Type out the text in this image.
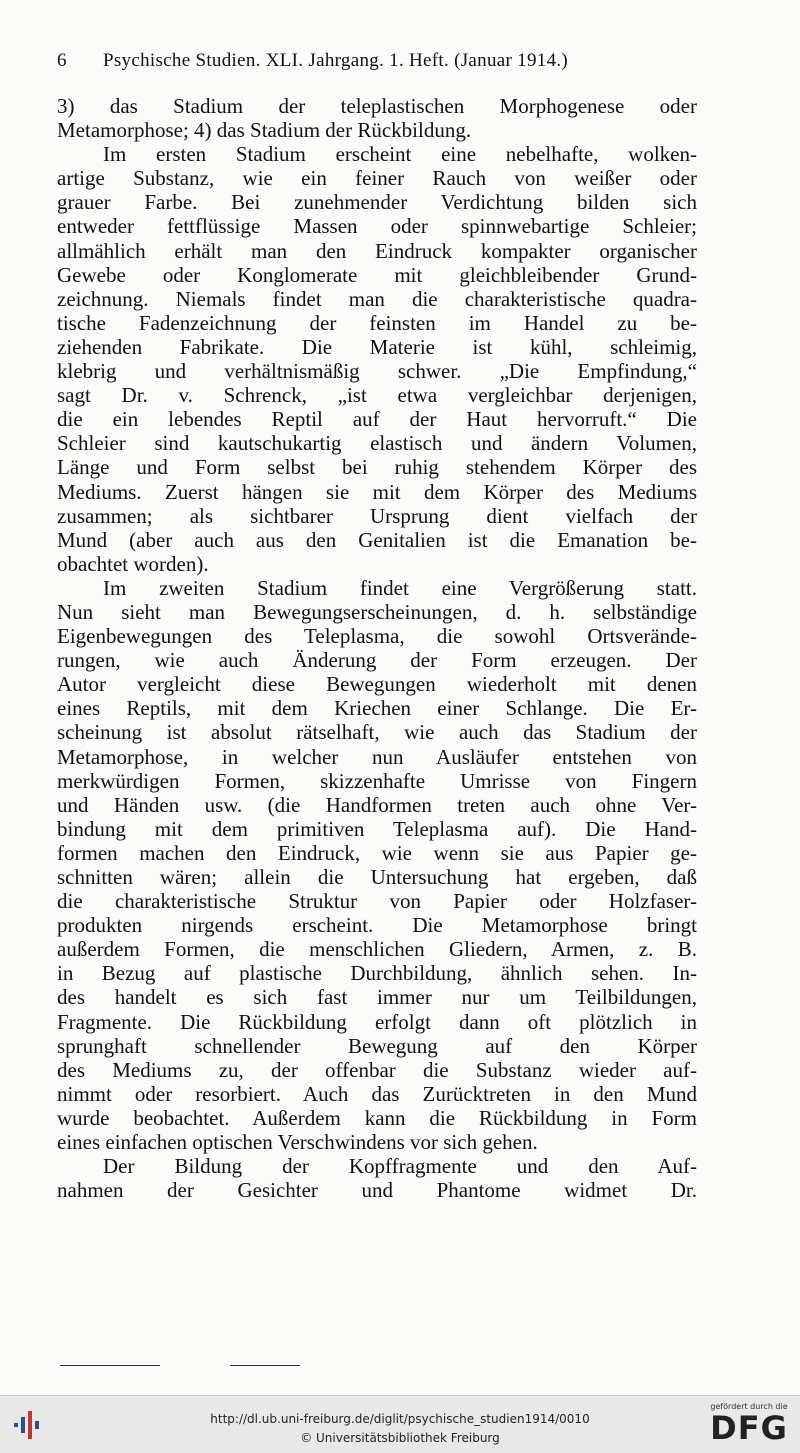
6 Psychische Studien. XLI. Jahrgang. 1. Heft. (Januar 1914.)
3) das Stadium der teleplastischen Morphogenese oder
Metamorphose; 4) das Stadium der Rückbildung.
Im ersten Stadium erscheint eine nebelhafte, wolken-
artige Substanz, wie ein feiner Rauch von weißer oder
grauer Farbe. Bei zunehmender Verdichtung bilden sich
entweder fettflüssige Massen oder spinnwebartige Schleier;
allmählich erhält man den Eindruck kompakter organischer
Gewebe oder Konglomerate mit gleichbleibender Grund-
zeichnung. Niemals findet man die charakteristische quadra-
tische Fadenzeichnung der feinsten im Handel zu be-
ziehenden Fabrikate. Die Materie ist kühl, schleimig,
klebrig und verhältnismäßig schwer. „Die Empfindung,“
sagt Dr. v. Schrenck, „ist etwa vergleichbar derjenigen,
die ein lebendes Reptil auf der Haut hervorruft.“ Die
Schleier sind kautschukartig elastisch und ändern Volumen,
Länge und Form selbst bei ruhig stehendem Körper des
Mediums. Zuerst hängen sie mit dem Körper des Mediums
zusammen; als sichtbarer Ursprung dient vielfach der
Mund (aber auch aus den Genitalien ist die Emanation be-
obachtet worden).
Im zweiten Stadium findet eine Vergrößerung statt.
Nun sieht man Bewegungserscheinungen, d. h. selbständige
Eigenbewegungen des Teleplasma, die sowohl Ortsverände-
rungen, wie auch Änderung der Form erzeugen. Der
Autor vergleicht diese Bewegungen wiederholt mit denen
eines Reptils, mit dem Kriechen einer Schlange. Die Er-
scheinung ist absolut rätselhaft, wie auch das Stadium der
Metamorphose, in welcher nun Ausläufer entstehen von
merkwürdigen Formen, skizzenhafte Umrisse von Fingern
und Händen usw. (die Handformen treten auch ohne Ver-
bindung mit dem primitiven Teleplasma auf). Die Hand-
formen machen den Eindruck, wie wenn sie aus Papier ge-
schnitten wären; allein die Untersuchung hat ergeben, daß
die charakteristische Struktur von Papier oder Holzfaser-
produkten nirgends erscheint. Die Metamorphose bringt
außerdem Formen, die menschlichen Gliedern, Armen, z. B.
in Bezug auf plastische Durchbildung, ähnlich sehen. In-
des handelt es sich fast immer nur um Teilbildungen,
Fragmente. Die Rückbildung erfolgt dann oft plötzlich in
sprunghaft schnellender Bewegung auf den Körper
des Mediums zu, der offenbar die Substanz wieder auf-
nimmt oder resorbiert. Auch das Zurücktreten in den Mund
wurde beobachtet. Außerdem kann die Rückbildung in Form
eines einfachen optischen Verschwindens vor sich gehen.
Der Bildung der Kopffragmente und den Auf-
nahmen der Gesichter und Phantome widmet Dr.
http://dl.ub.uni-freiburg.de/diglit/psychische_studien1914/0010
© Universitätsbibliothek Freiburg
gefördert durch die
DFG
